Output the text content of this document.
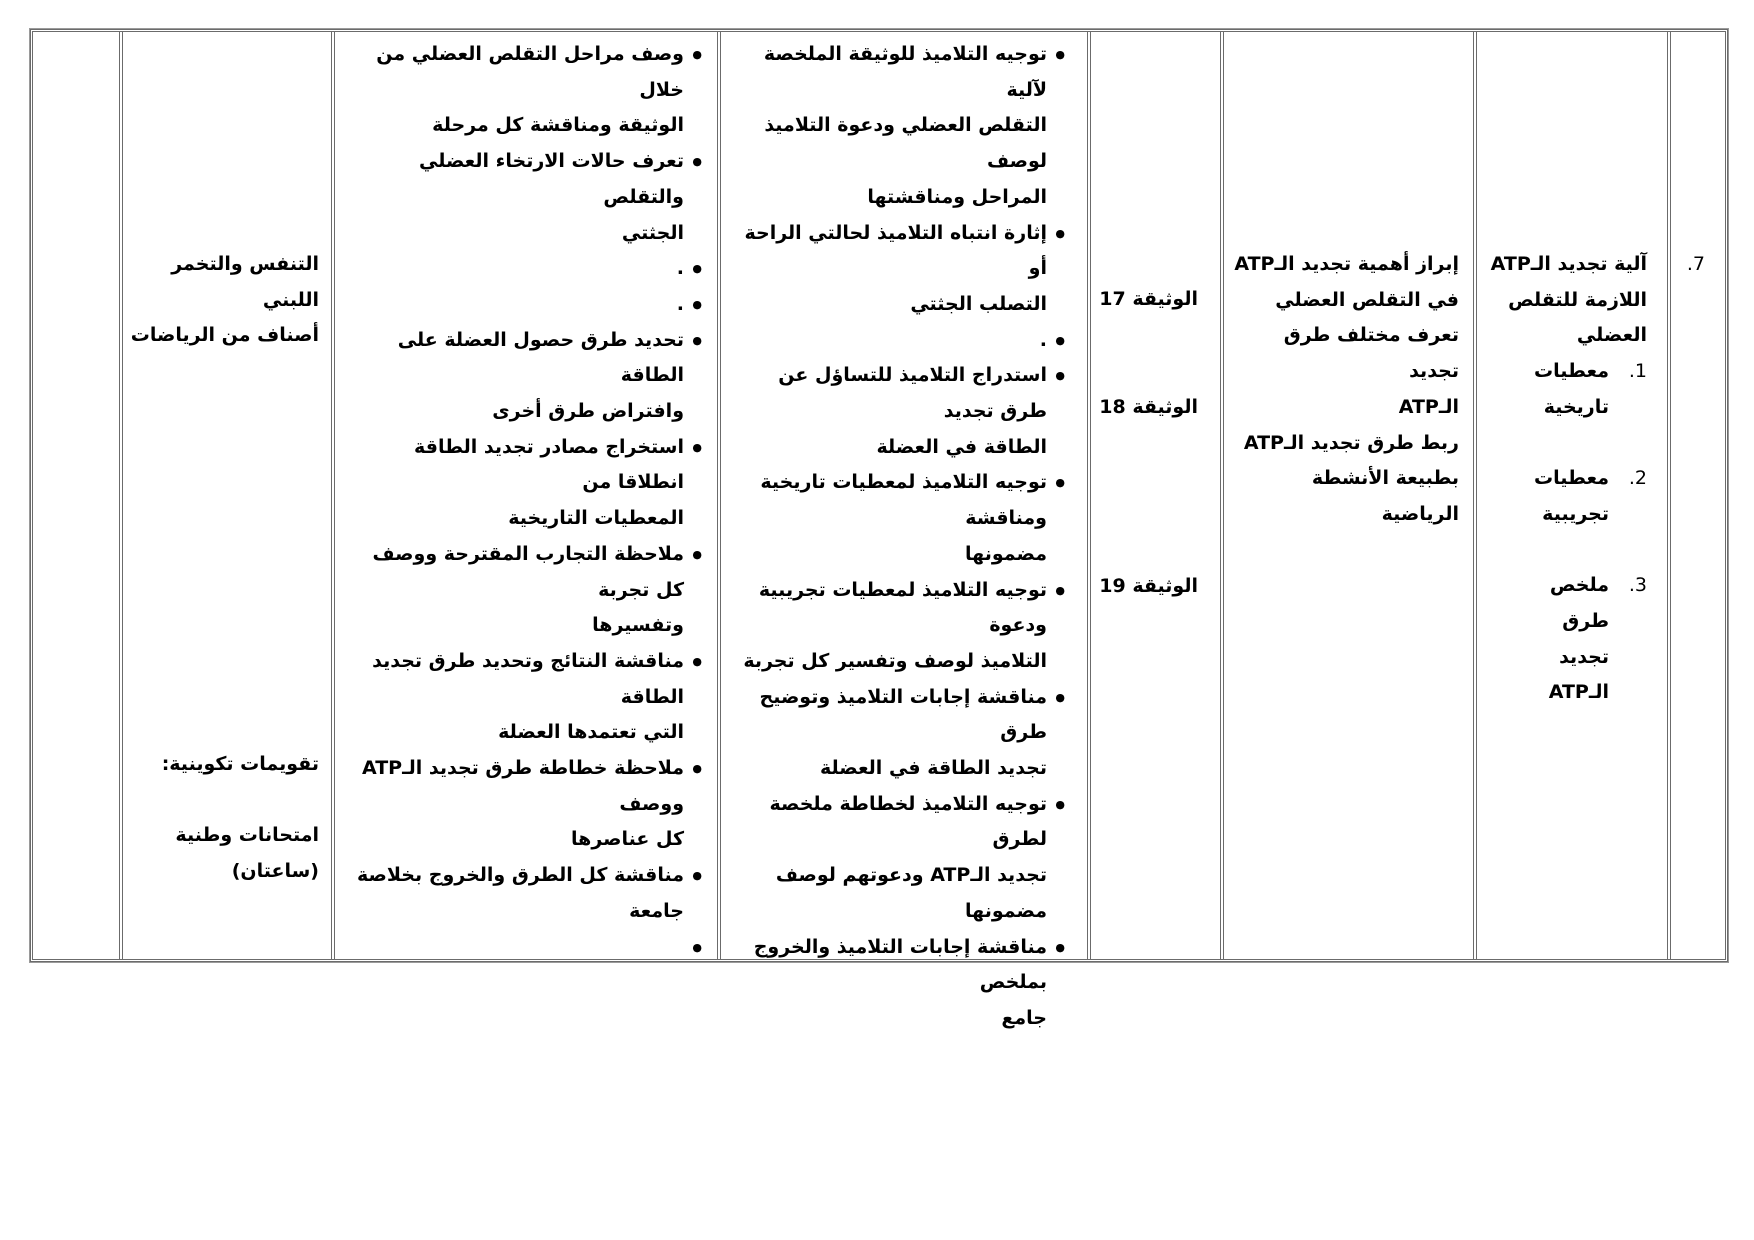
7.
آلية تجديد الـATP
اللازمة للتقلص
العضلي
1.
معطيات تاريخية
2.
معطيات تجريبية
3.
ملخص طرق
تجديد الـATP

إبراز أهمية تجديد الـATP

في التقلص العضلي

تعرف مختلف طرق تجديد

الـATP

ربط طرق تجديد الـATP

بطبيعة الأنشطة الرياضية

الوثيقة 17
الوثيقة 18
الوثيقة 19
● توجيه التلاميذ للوثيقة الملخصة لآلية
التقلص العضلي ودعوة التلاميذ لوصف
المراحل ومناقشتها
● إثارة انتباه التلاميذ لحالتي الراحة أو
التصلب الجثتي
● .
● استدراج التلاميذ للتساؤل عن طرق تجديد
الطاقة في العضلة
● توجيه التلاميذ لمعطيات تاريخية ومناقشة
مضمونها
● توجيه التلاميذ لمعطيات تجريبية ودعوة
التلاميذ لوصف وتفسير كل تجربة
● مناقشة إجابات التلاميذ وتوضيح طرق
تجديد الطاقة في العضلة
● توجيه التلاميذ لخطاطة ملخصة لطرق
تجديد الـATP ودعوتهم لوصف
مضمونها
● مناقشة إجابات التلاميذ والخروج بملخص
جامع
● وصف مراحل التقلص العضلي من خلال
الوثيقة ومناقشة كل مرحلة
● تعرف حالات الارتخاء العضلي والتقلص
الجثتي
● .
● .
● تحديد طرق حصول العضلة على الطاقة
وافتراض طرق أخرى
● استخراج مصادر تجديد الطاقة انطلاقا من
المعطيات التاريخية
● ملاحظة التجارب المقترحة ووصف كل تجربة
وتفسيرها
● مناقشة النتائج وتحديد طرق تجديد الطاقة
التي تعتمدها العضلة
● ملاحظة خطاطة طرق تجديد الـATP ووصف
كل عناصرها
● مناقشة كل الطرق والخروج بخلاصة جامعة
●

التنفس والتخمر اللبني

أصناف من الرياضات

تقويمات تكوينية:

امتحانات وطنية

(ساعتان)
